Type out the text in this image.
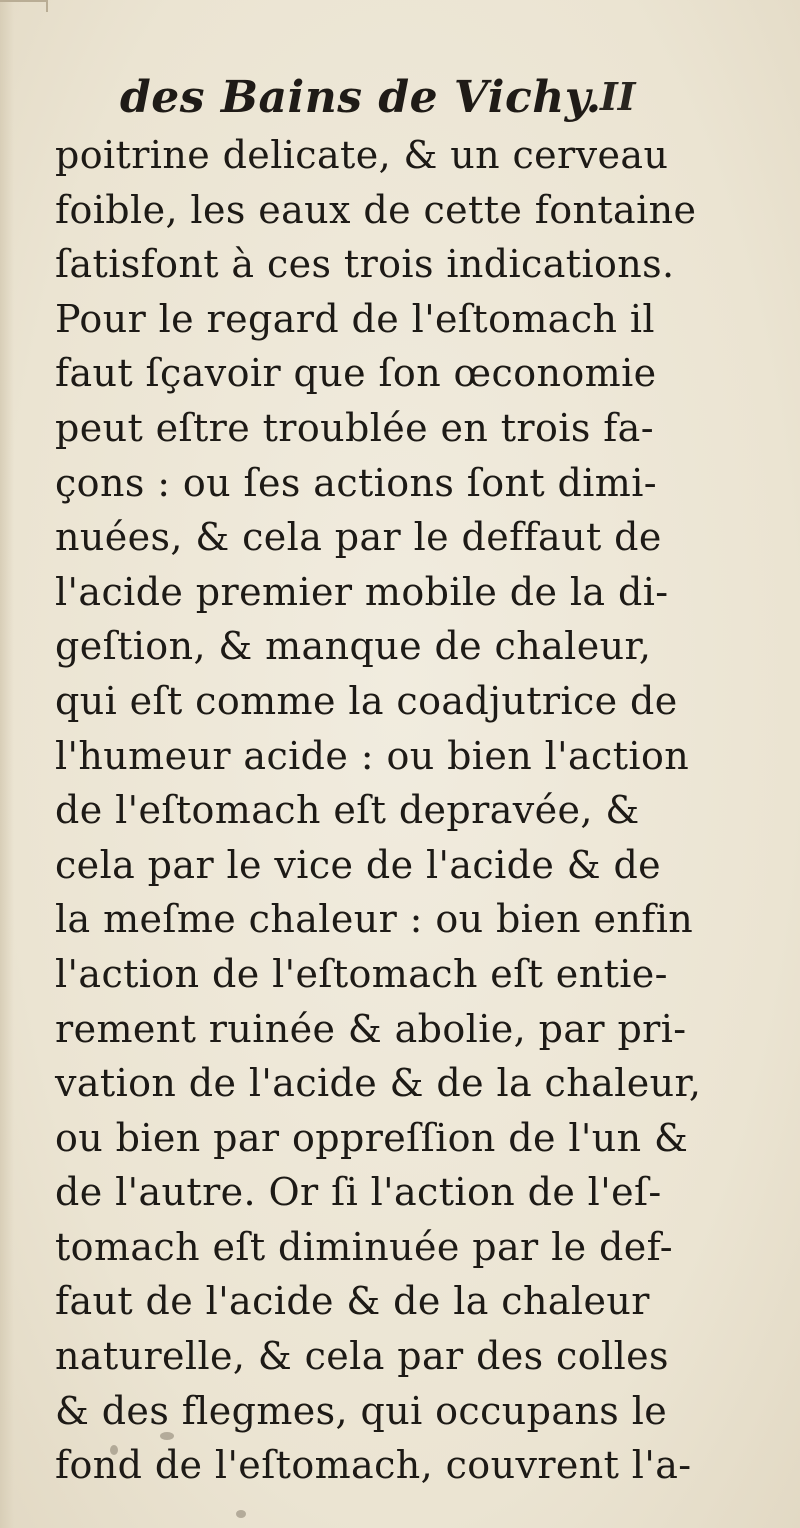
des Bains de Vichy.
II
poitrine delicate, & un cerveau
foible, les eaux de cette fontaine
ſatisfont à ces trois indications.
Pour le regard de l'eſtomach il
faut ſçavoir que ſon œconomie
peut eſtre troublée en trois fa-
çons : ou ſes actions ſont dimi-
nuées, & cela par le deffaut de
l'acide premier mobile de la di-
geſtion, & manque de chaleur,
qui eſt comme la coadjutrice de
l'humeur acide : ou bien l'action
de l'eſtomach eſt depravée, &
cela par le vice de l'acide & de
la meſme chaleur : ou bien enfin
l'action de l'eſtomach eſt entie-
rement ruinée & abolie, par pri-
vation de l'acide & de la chaleur,
ou bien par oppreſſion de l'un &
de l'autre. Or ſi l'action de l'eſ-
tomach eſt diminuée par le def-
faut de l'acide & de la chaleur
naturelle, & cela par des colles
& des flegmes, qui occupans le
fond de l'eſtomach, couvrent l'a-
